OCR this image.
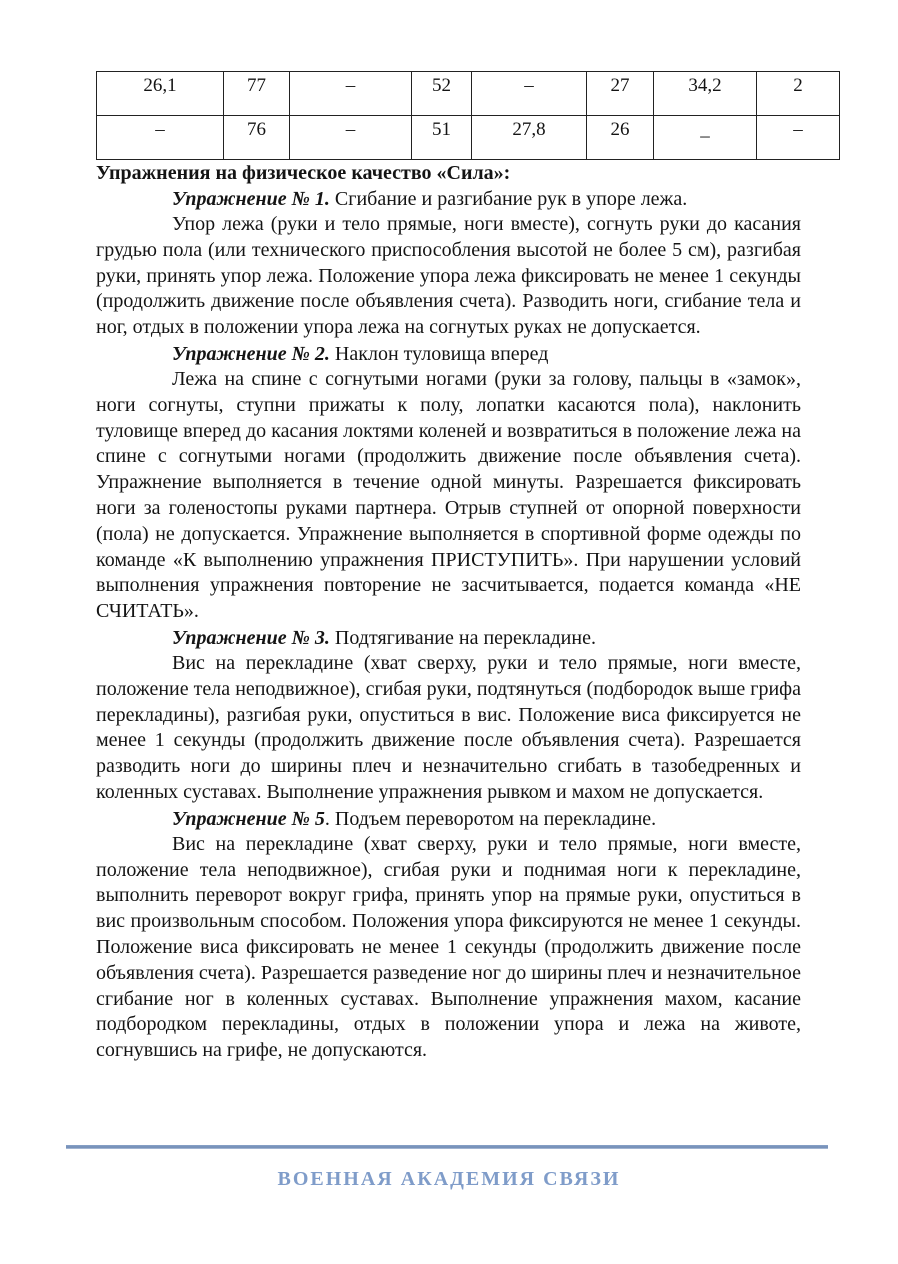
26,1	77	–	52	–	27	34,2	2
–	76	–	51	27,8	26	_	–

Упражнения на физическое качество «Сила»:

Упражнение № 1. Сгибание и разгибание рук в упоре лежа.

Упор лежа (руки и тело прямые, ноги вместе), согнуть руки до касания грудью пола (или технического приспособления высотой не более 5 см), разгибая руки, принять упор лежа. Положение упора лежа фиксировать не менее 1 секунды (продолжить движение после объявления счета). Разводить ноги, сгибание тела и ног, отдых в положении упора лежа на согнутых руках не допускается.

Упражнение № 2. Наклон туловища вперед

Лежа на спине с согнутыми ногами (руки за голову, пальцы в «замок», ноги согнуты, ступни прижаты к полу, лопатки касаются пола), наклонить туловище вперед до касания локтями коленей и возвратиться в положение лежа на спине с согнутыми ногами (продолжить движение после объявления счета). Упражнение выполняется в течение одной минуты. Разрешается фиксировать ноги за голеностопы руками партнера. Отрыв ступней от опорной поверхности (пола) не допускается. Упражнение выполняется в спортивной форме одежды по команде «К выполнению упражнения ПРИСТУПИТЬ». При нарушении условий выполнения упражнения повторение не засчитывается, подается команда «НЕ СЧИТАТЬ».

Упражнение № 3. Подтягивание на перекладине.

Вис на перекладине (хват сверху, руки и тело прямые, ноги вместе, положение тела неподвижное), сгибая руки, подтянуться (подбородок выше грифа перекладины), разгибая руки, опуститься в вис. Положение виса фиксируется не менее 1 секунды (продолжить движение после объявления счета). Разрешается разводить ноги до ширины плеч и незначительно сгибать в тазобедренных и коленных суставах. Выполнение упражнения рывком и махом не допускается.

Упражнение № 5. Подъем переворотом на перекладине.

Вис на перекладине (хват сверху, руки и тело прямые, ноги вместе, положение тела неподвижное), сгибая руки и поднимая ноги к перекладине, выполнить переворот вокруг грифа, принять упор на прямые руки, опуститься в вис произвольным способом. Положения упора фиксируются не менее 1 секунды. Положение виса фиксировать не менее 1 секунды (продолжить движение после объявления счета). Разрешается разведение ног до ширины плеч и незначительное сгибание ног в коленных суставах. Выполнение упражнения махом, касание подбородком перекладины, отдых в положении упора и лежа на животе, согнувшись на грифе, не допускаются.

ВОЕННАЯ АКАДЕМИЯ СВЯЗИ
